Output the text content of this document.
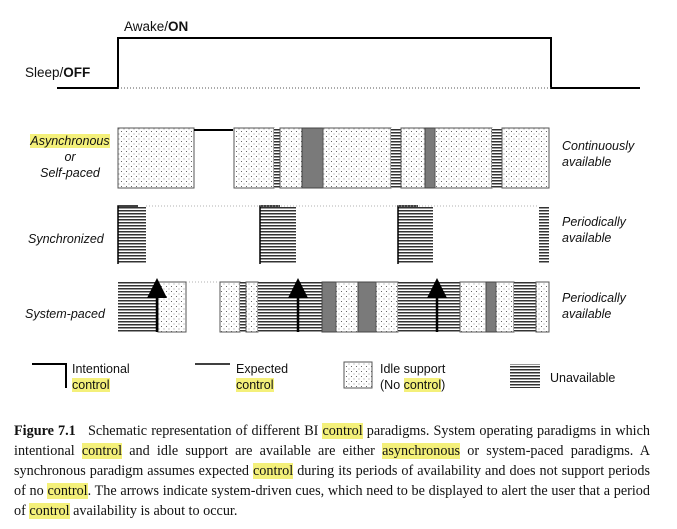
Awake/ON
Sleep/OFF
Asynchronous
or
Self-paced
Synchronized
System-paced
Continuously
available
Periodically
available
Periodically
available
Intentional
control
Expected
control
Idle support
(No control)	Unavailable
Figure 7.1 Schematic representation of different BI control paradigms. System operating paradigms in which intentional control and idle support are available are either asynchronous or system-paced paradigms. A synchronous paradigm assumes expected control during its periods of availability and does not support periods of no control. The arrows indicate system-driven cues, which need to be displayed to alert the user that a period of control availability is about to occur.
